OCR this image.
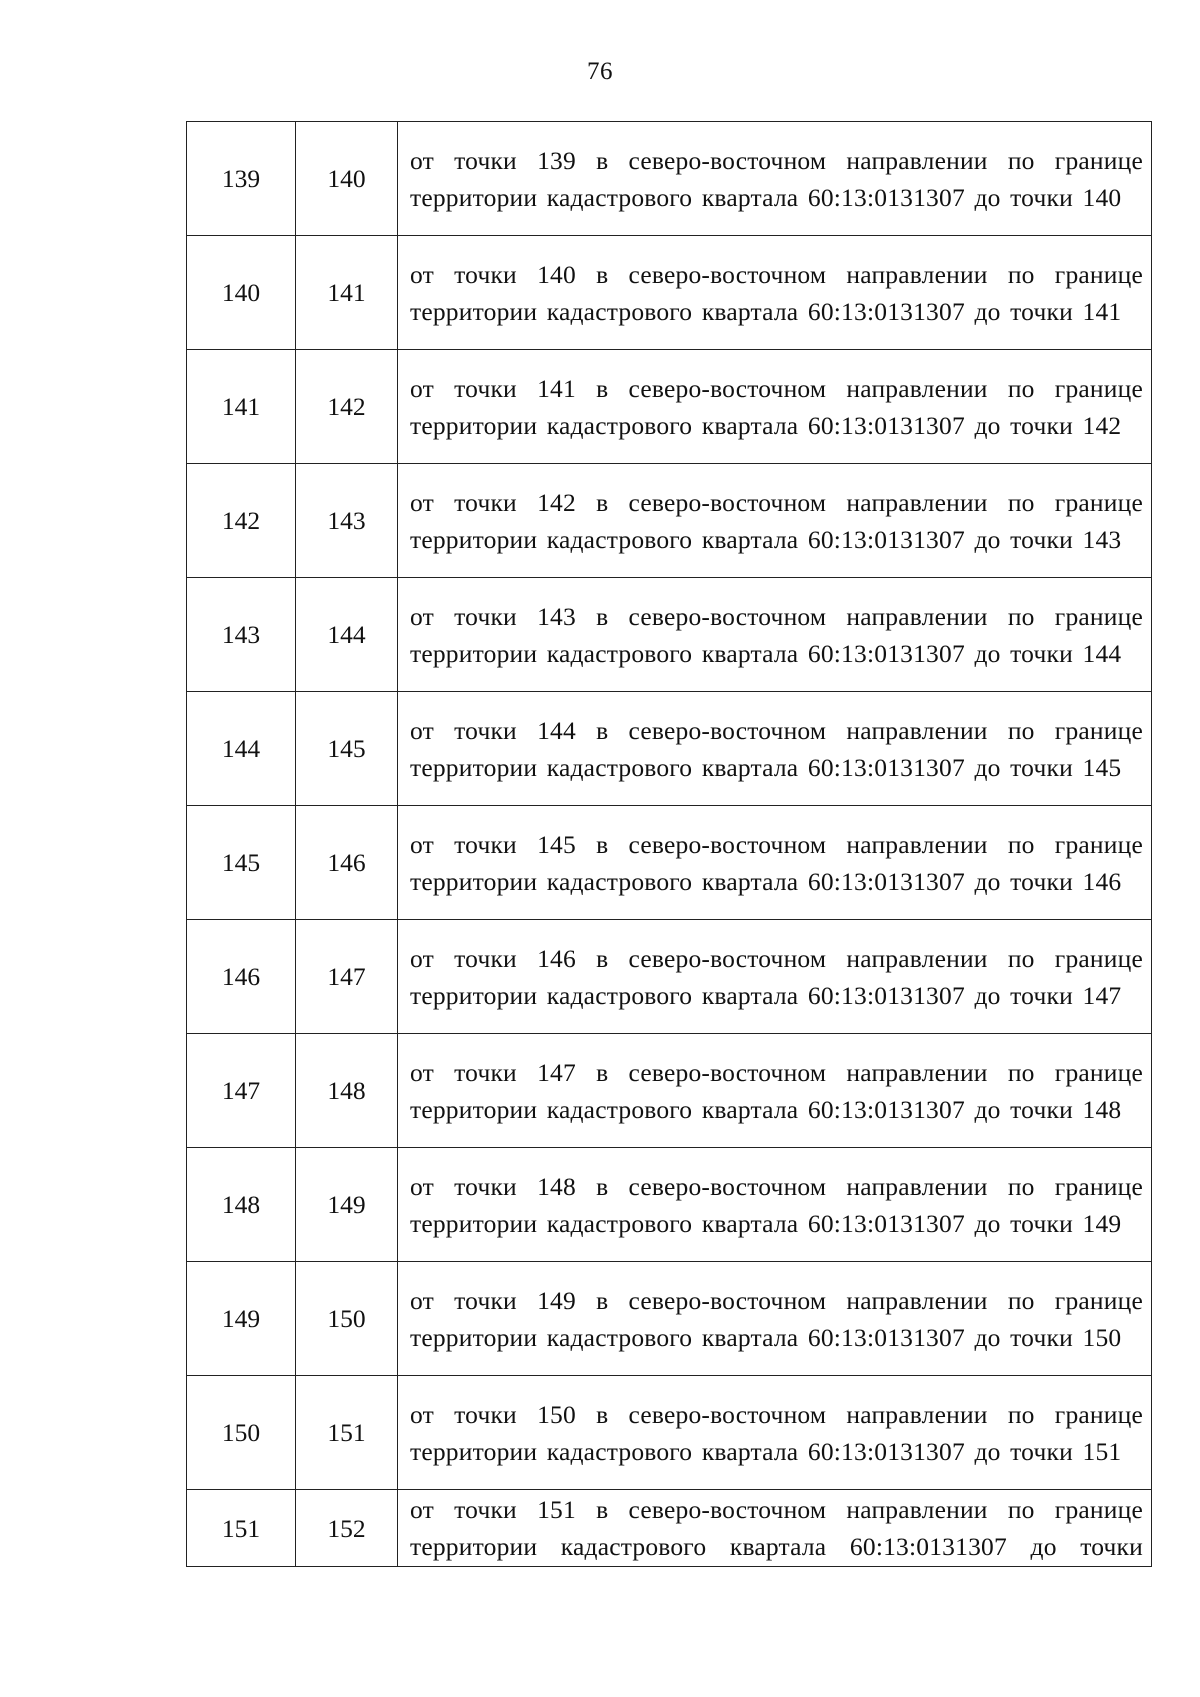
76
139	140	от точки 139 в северо-восточном направлении по границе территории кадастрового квартала 60:13:0131307 до точки 140
140	141	от точки 140 в северо-восточном направлении по границе территории кадастрового квартала 60:13:0131307 до точки 141
141	142	от точки 141 в северо-восточном направлении по границе территории кадастрового квартала 60:13:0131307 до точки 142
142	143	от точки 142 в северо-восточном направлении по границе территории кадастрового квартала 60:13:0131307 до точки 143
143	144	от точки 143 в северо-восточном направлении по границе территории кадастрового квартала 60:13:0131307 до точки 144
144	145	от точки 144 в северо-восточном направлении по границе территории кадастрового квартала 60:13:0131307 до точки 145
145	146	от точки 145 в северо-восточном направлении по границе территории кадастрового квартала 60:13:0131307 до точки 146
146	147	от точки 146 в северо-восточном направлении по границе территории кадастрового квартала 60:13:0131307 до точки 147
147	148	от точки 147 в северо-восточном направлении по границе территории кадастрового квартала 60:13:0131307 до точки 148
148	149	от точки 148 в северо-восточном направлении по границе территории кадастрового квартала 60:13:0131307 до точки 149
149	150	от точки 149 в северо-восточном направлении по границе территории кадастрового квартала 60:13:0131307 до точки 150
150	151	от точки 150 в северо-восточном направлении по границе территории кадастрового квартала 60:13:0131307 до точки 151
151	152	от точки 151 в северо-восточном направлении по границе территории кадастрового квартала 60:13:0131307 до точки
